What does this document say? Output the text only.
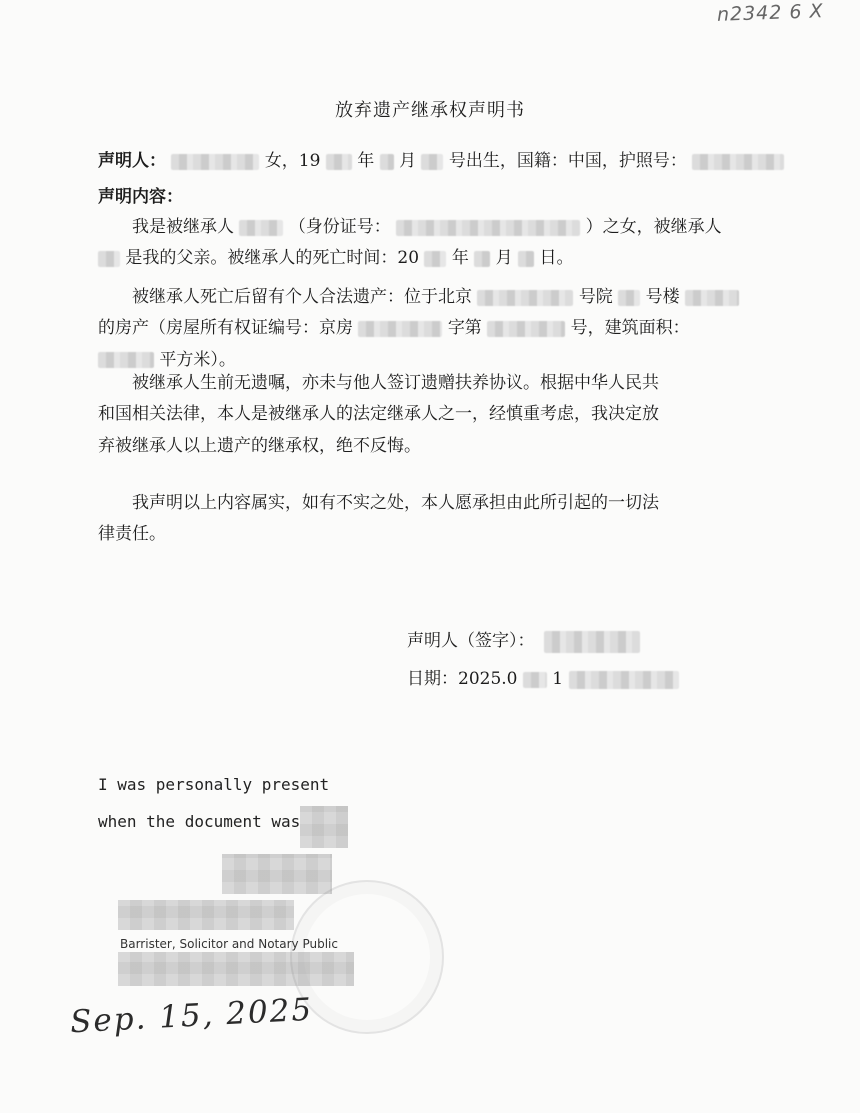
n2342 6 X
放弃遗产继承权声明书
声明人：	女，19 年 月 号出生，国籍：中国，护照号：
声明内容：
我是被继承人	（身份证号：	）之女，被继承人
是我的父亲。被继承人的死亡时间：20 年 月 日。
被继承人死亡后留有个人合法遗产：位于北京	号院 号楼
的房产（房屋所有权证编号：京房	字第	号，建筑面积：
平方米）。
被继承人生前无遗嘱，亦未与他人签订遗赠扶养协议。根据中华人民共
和国相关法律，本人是被继承人的法定继承人之一，经慎重考虑，我决定放
弃被继承人以上遗产的继承权，绝不反悔。
我声明以上内容属实，如有不实之处，本人愿承担由此所引起的一切法
律责任。
声明人（签字）：
日期：2025.0 1
I was personally present
when the document was
Barrister, Solicitor and Notary Public
Sep. 15, 2025
